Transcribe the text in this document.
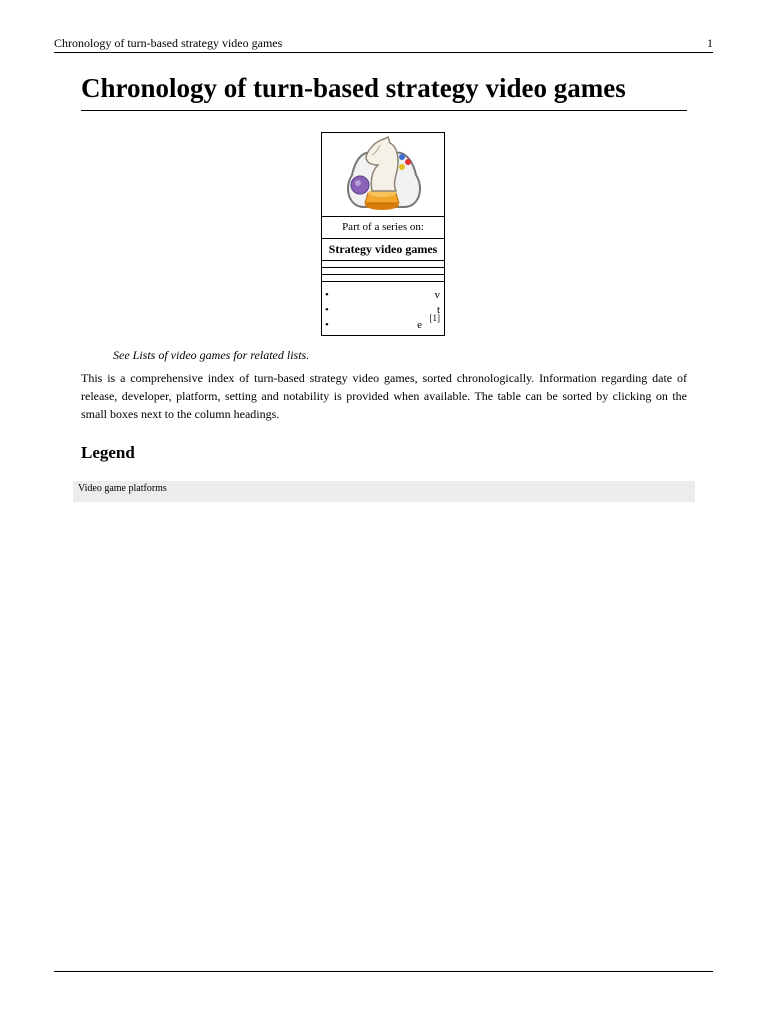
Chronology of turn-based strategy video games	1
Chronology of turn-based strategy video games
Part of a series on:
Strategy video games
•	v
•	t
•	e
[1]
See Lists of video games for related lists.

This is a comprehensive index of turn-based strategy video games, sorted chronologically. Information regarding date of release, developer, platform, setting and notability is provided when available. The table can be sorted by clicking on the small boxes next to the column headings.

Legend
Video game platforms
